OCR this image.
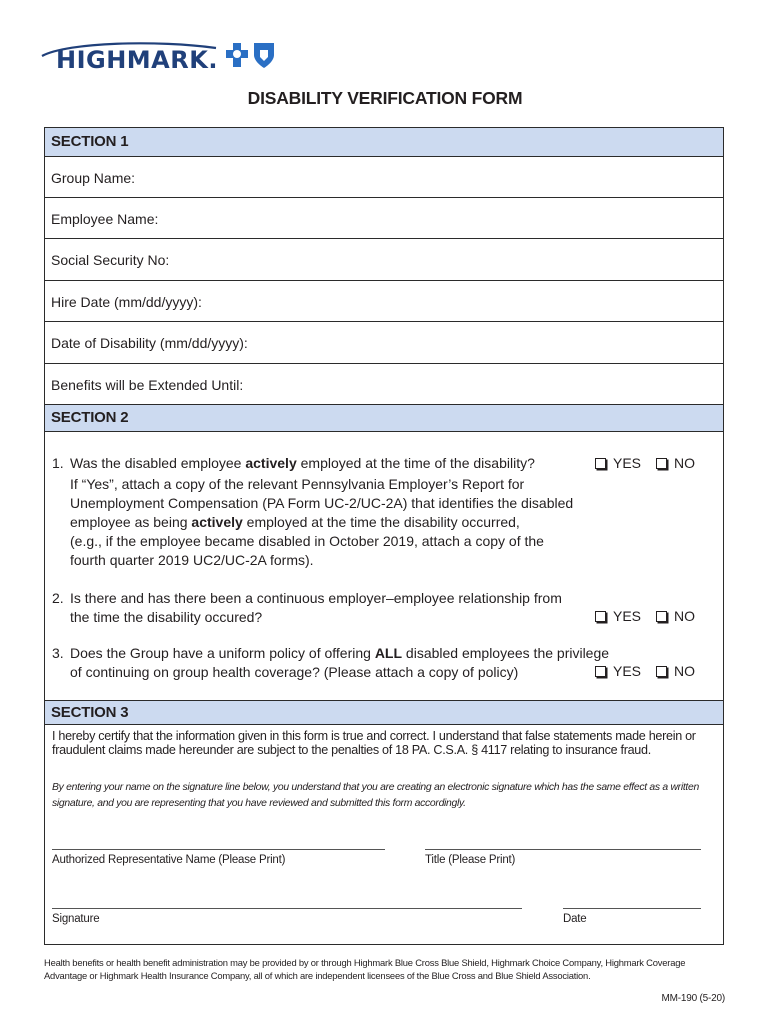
HIGHMARK.
DISABILITY VERIFICATION FORM
SECTION 1
Group Name:
Employee Name:
Social Security No:
Hire Date (mm/dd/yyyy):
Date of Disability (mm/dd/yyyy):
Benefits will be Extended Until:
SECTION 2
1. Was the disabled employee actively employed at the time of the disability?
If “Yes”, attach a copy of the relevant Pennsylvania Employer’s Report for
Unemployment Compensation (PA Form UC-2/UC-2A) that identifies the disabled
employee as being actively employed at the time the disability occurred,
(e.g., if the employee became disabled in October 2019, attach a copy of the
fourth quarter 2019 UC2/UC-2A forms).
YES NO
2. Is there and has there been a continuous employer–employee relationship from
the time the disability occured?	YES NO
3. Does the Group have a uniform policy of offering ALL disabled employees the privilege
of continuing on group health coverage? (Please attach a copy of policy)	YES NO
SECTION 3
I hereby certify that the information given in this form is true and correct. I understand that false statements made herein or fraudulent claims made hereunder are subject to the penalties of 18 PA. C.S.A. § 4117 relating to insurance fraud.
By entering your name on the signature line below, you understand that you are creating an electronic signature which has the same effect as a written signature, and you are representing that you have reviewed and submitted this form accordingly.
Authorized Representative Name (Please Print)	Title (Please Print)
Signature	Date
Health benefits or health benefit administration may be provided by or through Highmark Blue Cross Blue Shield, Highmark Choice Company, Highmark Coverage Advantage or Highmark Health Insurance Company, all of which are independent licensees of the Blue Cross and Blue Shield Association.
MM-190 (5-20)
